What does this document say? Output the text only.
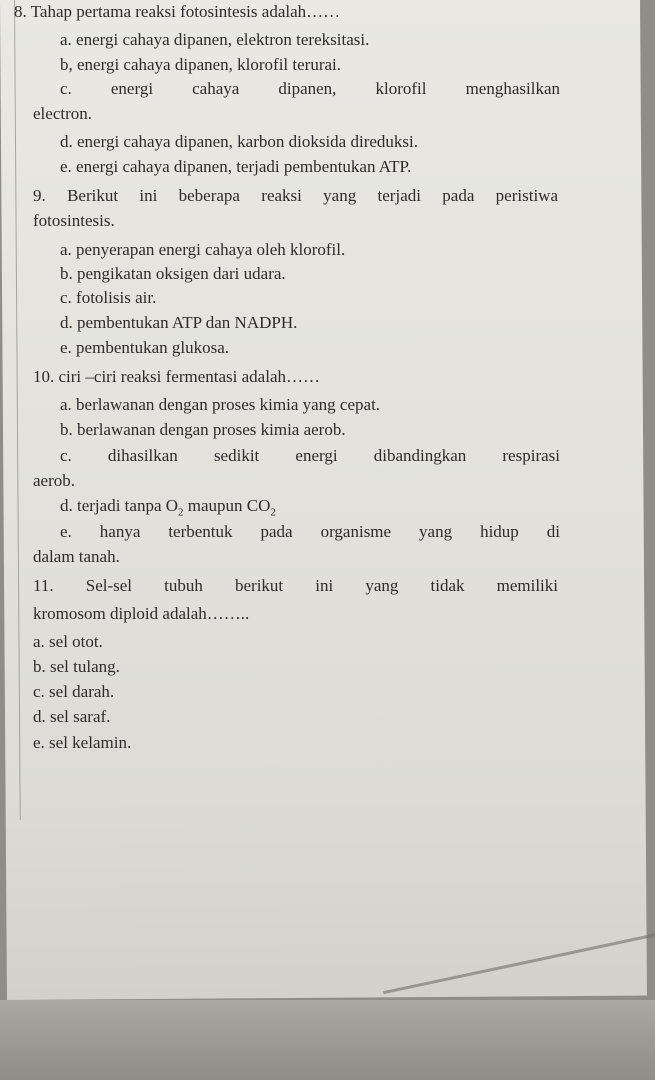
8. Tahap pertama reaksi fotosintesis adalah……
a. energi cahaya dipanen, elektron tereksitasi.
b, energi cahaya dipanen, klorofil terurai.
c. energi cahaya dipanen, klorofil menghasilkan
electron.
d. energi cahaya dipanen, karbon dioksida direduksi.
e. energi cahaya dipanen, terjadi pembentukan ATP.
9. Berikut ini beberapa reaksi yang terjadi pada peristiwa
fotosintesis.
a. penyerapan energi cahaya oleh klorofil.
b. pengikatan oksigen dari udara.
c. fotolisis air.
d. pembentukan ATP dan NADPH.
e. pembentukan glukosa.
10. ciri –ciri reaksi fermentasi adalah……
a. berlawanan dengan proses kimia yang cepat.
b. berlawanan dengan proses kimia aerob.
c. dihasilkan sedikit energi dibandingkan respirasi
aerob.
d. terjadi tanpa $O_2$ maupun $CO_2$
e. hanya terbentuk pada organisme yang hidup di
dalam tanah.
11. Sel-sel tubuh berikut ini yang tidak memiliki
kromosom diploid adalah……..
a. sel otot.
b. sel tulang.
c. sel darah.
d. sel saraf.
e. sel kelamin.
